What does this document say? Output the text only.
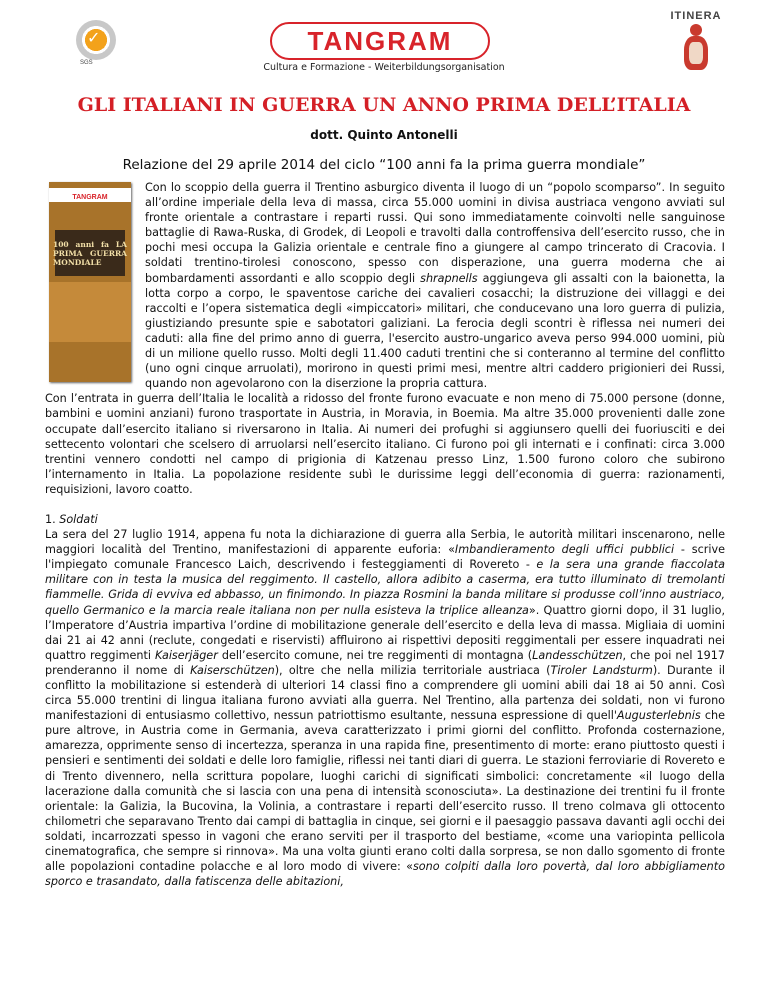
✓
SGS
TANGRAM
Cultura e Formazione - Weiterbildungsorganisation
ITINERA
GLI ITALIANI IN GUERRA UN ANNO PRIMA DELL’ITALIA
dott. Quinto Antonelli
Relazione del 29 aprile 2014 del ciclo “100 anni fa la prima guerra mondiale”
TANGRAM
100 anni fa LA PRIMA GUERRA MONDIALE

Con lo scoppio della guerra il Trentino asburgico diventa il luogo di un “popolo scomparso”. In seguito all’ordine imperiale della leva di massa, circa 55.000 uomini in divisa austriaca vengono avviati sul fronte orientale a contrastare i reparti russi. Qui sono immediatamente coinvolti nelle sanguinose battaglie di Rawa-Ruska, di Grodek, di Leopoli e travolti dalla controffensiva dell’esercito russo, che in pochi mesi occupa la Galizia orientale e centrale fino a giungere al campo trincerato di Cracovia. I soldati trentino-tirolesi conoscono, spesso con disperazione, una guerra moderna che ai bombardamenti assordanti e allo scoppio degli shrapnells aggiungeva gli assalti con la baionetta, la lotta corpo a corpo, le spaventose cariche dei cavalieri cosacchi; la distruzione dei villaggi e dei raccolti e l’opera sistematica degli «impiccatori» militari, che conducevano una loro guerra di pulizia, giustiziando presunte spie e sabotatori galiziani. La ferocia degli scontri è riflessa nei numeri dei caduti: alla fine del primo anno di guerra, l'esercito austro-ungarico aveva perso 994.000 uomini, più di un milione quello russo. Molti degli 11.400 caduti trentini che si conteranno al termine del conflitto (uno ogni cinque arruolati), morirono in questi primi mesi, mentre altri caddero prigionieri dei Russi, quando non agevolarono con la diserzione la propria cattura.

Con l’entrata in guerra dell’Italia le località a ridosso del fronte furono evacuate e non meno di 75.000 persone (donne, bambini e uomini anziani) furono trasportate in Austria, in Moravia, in Boemia. Ma altre 35.000 provenienti dalle zone occupate dall’esercito italiano si riversarono in Italia. Ai numeri dei profughi si aggiunsero quelli dei fuoriusciti e dei settecento volontari che scelsero di arruolarsi nell’esercito italiano. Ci furono poi gli internati e i confinati: circa 3.000 trentini vennero condotti nel campo di prigionia di Katzenau presso Linz, 1.500 furono coloro che subirono l’internamento in Italia. La popolazione residente subì le durissime leggi dell’economia di guerra: razionamenti, requisizioni, lavoro coatto.

1. Soldati

La sera del 27 luglio 1914, appena fu nota la dichiarazione di guerra alla Serbia, le autorità militari inscenarono, nelle maggiori località del Trentino, manifestazioni di apparente euforia: «Imbandieramento degli uffici pubblici - scrive l'impiegato comunale Francesco Laich, descrivendo i festeggiamenti di Rovereto - e la sera una grande fiaccolata militare con in testa la musica del reggimento. Il castello, allora adibito a caserma, era tutto illuminato di tremolanti fiammelle. Grida di evviva ed abbasso, un finimondo. In piazza Rosmini la banda militare si produsse coll’inno austriaco, quello Germanico e la marcia reale italiana non per nulla esisteva la triplice alleanza». Quattro giorni dopo, il 31 luglio, l’Imperatore d’Austria impartiva l’ordine di mobilitazione generale dell’esercito e della leva di massa. Migliaia di uomini dai 21 ai 42 anni (reclute, congedati e riservisti) affluirono ai rispettivi depositi reggimentali per essere inquadrati nei quattro reggimenti Kaiserjäger dell’esercito comune, nei tre reggimenti di montagna (Landesschützen, che poi nel 1917 prenderanno il nome di Kaiserschützen), oltre che nella milizia territoriale austriaca (Tiroler Landsturm). Durante il conflitto la mobilitazione si estenderà di ulteriori 14 classi fino a comprendere gli uomini abili dai 18 ai 50 anni. Così circa 55.000 trentini di lingua italiana furono avviati alla guerra. Nel Trentino, alla partenza dei soldati, non vi furono manifestazioni di entusiasmo collettivo, nessun patriottismo esultante, nessuna espressione di quell'Augusterlebnis che pure altrove, in Austria come in Germania, aveva caratterizzato i primi giorni del conflitto. Profonda costernazione, amarezza, opprimente senso di incertezza, speranza in una rapida fine, presentimento di morte: erano piuttosto questi i pensieri e sentimenti dei soldati e delle loro famiglie, riflessi nei tanti diari di guerra. Le stazioni ferroviarie di Rovereto e di Trento divennero, nella scrittura popolare, luoghi carichi di significati simbolici: concretamente «il luogo della lacerazione dalla comunità che si lascia con una pena di intensità sconosciuta». La destinazione dei trentini fu il fronte orientale: la Galizia, la Bucovina, la Volinia, a contrastare i reparti dell’esercito russo. Il treno colmava gli ottocento chilometri che separavano Trento dai campi di battaglia in cinque, sei giorni e il paesaggio passava davanti agli occhi dei soldati, incarrozzati spesso in vagoni che erano serviti per il trasporto del bestiame, «come una variopinta pellicola cinematografica, che sempre si rinnova». Ma una volta giunti erano colti dalla sorpresa, se non dallo sgomento di fronte alle popolazioni contadine polacche e al loro modo di vivere: «sono colpiti dalla loro povertà, dal loro abbigliamento sporco e trasandato, dalla fatiscenza delle abitazioni,
